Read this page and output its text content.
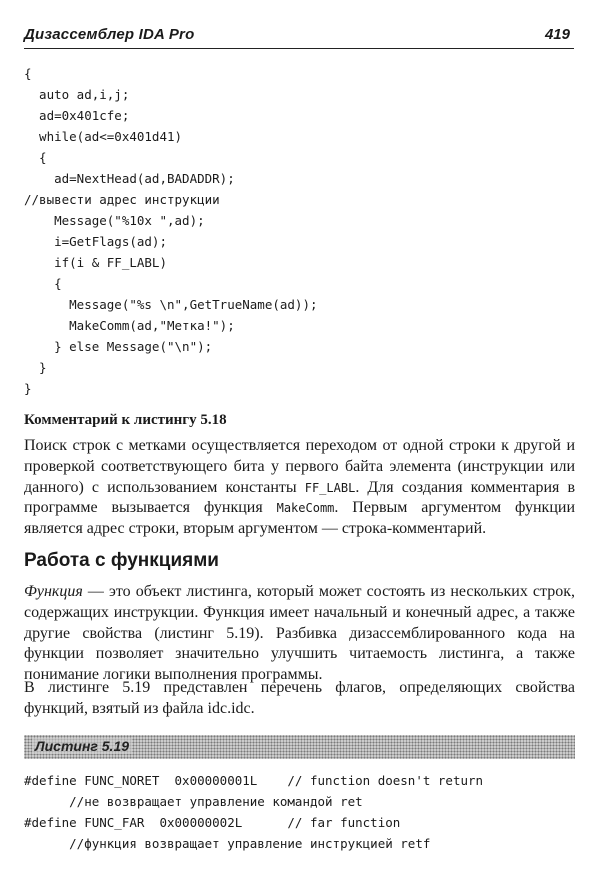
Дизассемблер IDA Pro	419
{
auto ad,i,j;
ad=0x401cfe;
while(ad<=0x401d41)
{
ad=NextHead(ad,BADADDR);
//вывести адрес инструкции
Message("%10x ",ad);
i=GetFlags(ad);
if(i & FF_LABL)
{
Message("%s \n",GetTrueName(ad));
MakeComm(ad,"Метка!");
} else Message("\n");
}
}
Комментарий к листингу 5.18

Поиск строк с метками осуществляется переходом от одной строки к другой и проверкой соответствующего бита у первого байта элемента (инструкции или данного) с использованием константы FF_LABL. Для создания комментария в программе вызывается функция MakeComm. Первым аргументом функции является адрес строки, вторым аргументом — строка-комментарий.

Работа с функциями

Функция — это объект листинга, который может состоять из нескольких строк, содержащих инструкции. Функция имеет начальный и конечный адрес, а также другие свойства (листинг 5.19). Разбивка дизассемблированного кода на функции позволяет значительно улучшить читаемость листинга, а также понимание логики выполнения программы.

В листинге 5.19 представлен перечень флагов, определяющих свойства функций, взятый из файла idc.idc.

Листинг 5.19
#define FUNC_NORET  0x00000001L    // function doesn't return
//не возвращает управление командой ret
#define FUNC_FAR  0x00000002L      // far function
//функция возвращает управление инструкцией retf
